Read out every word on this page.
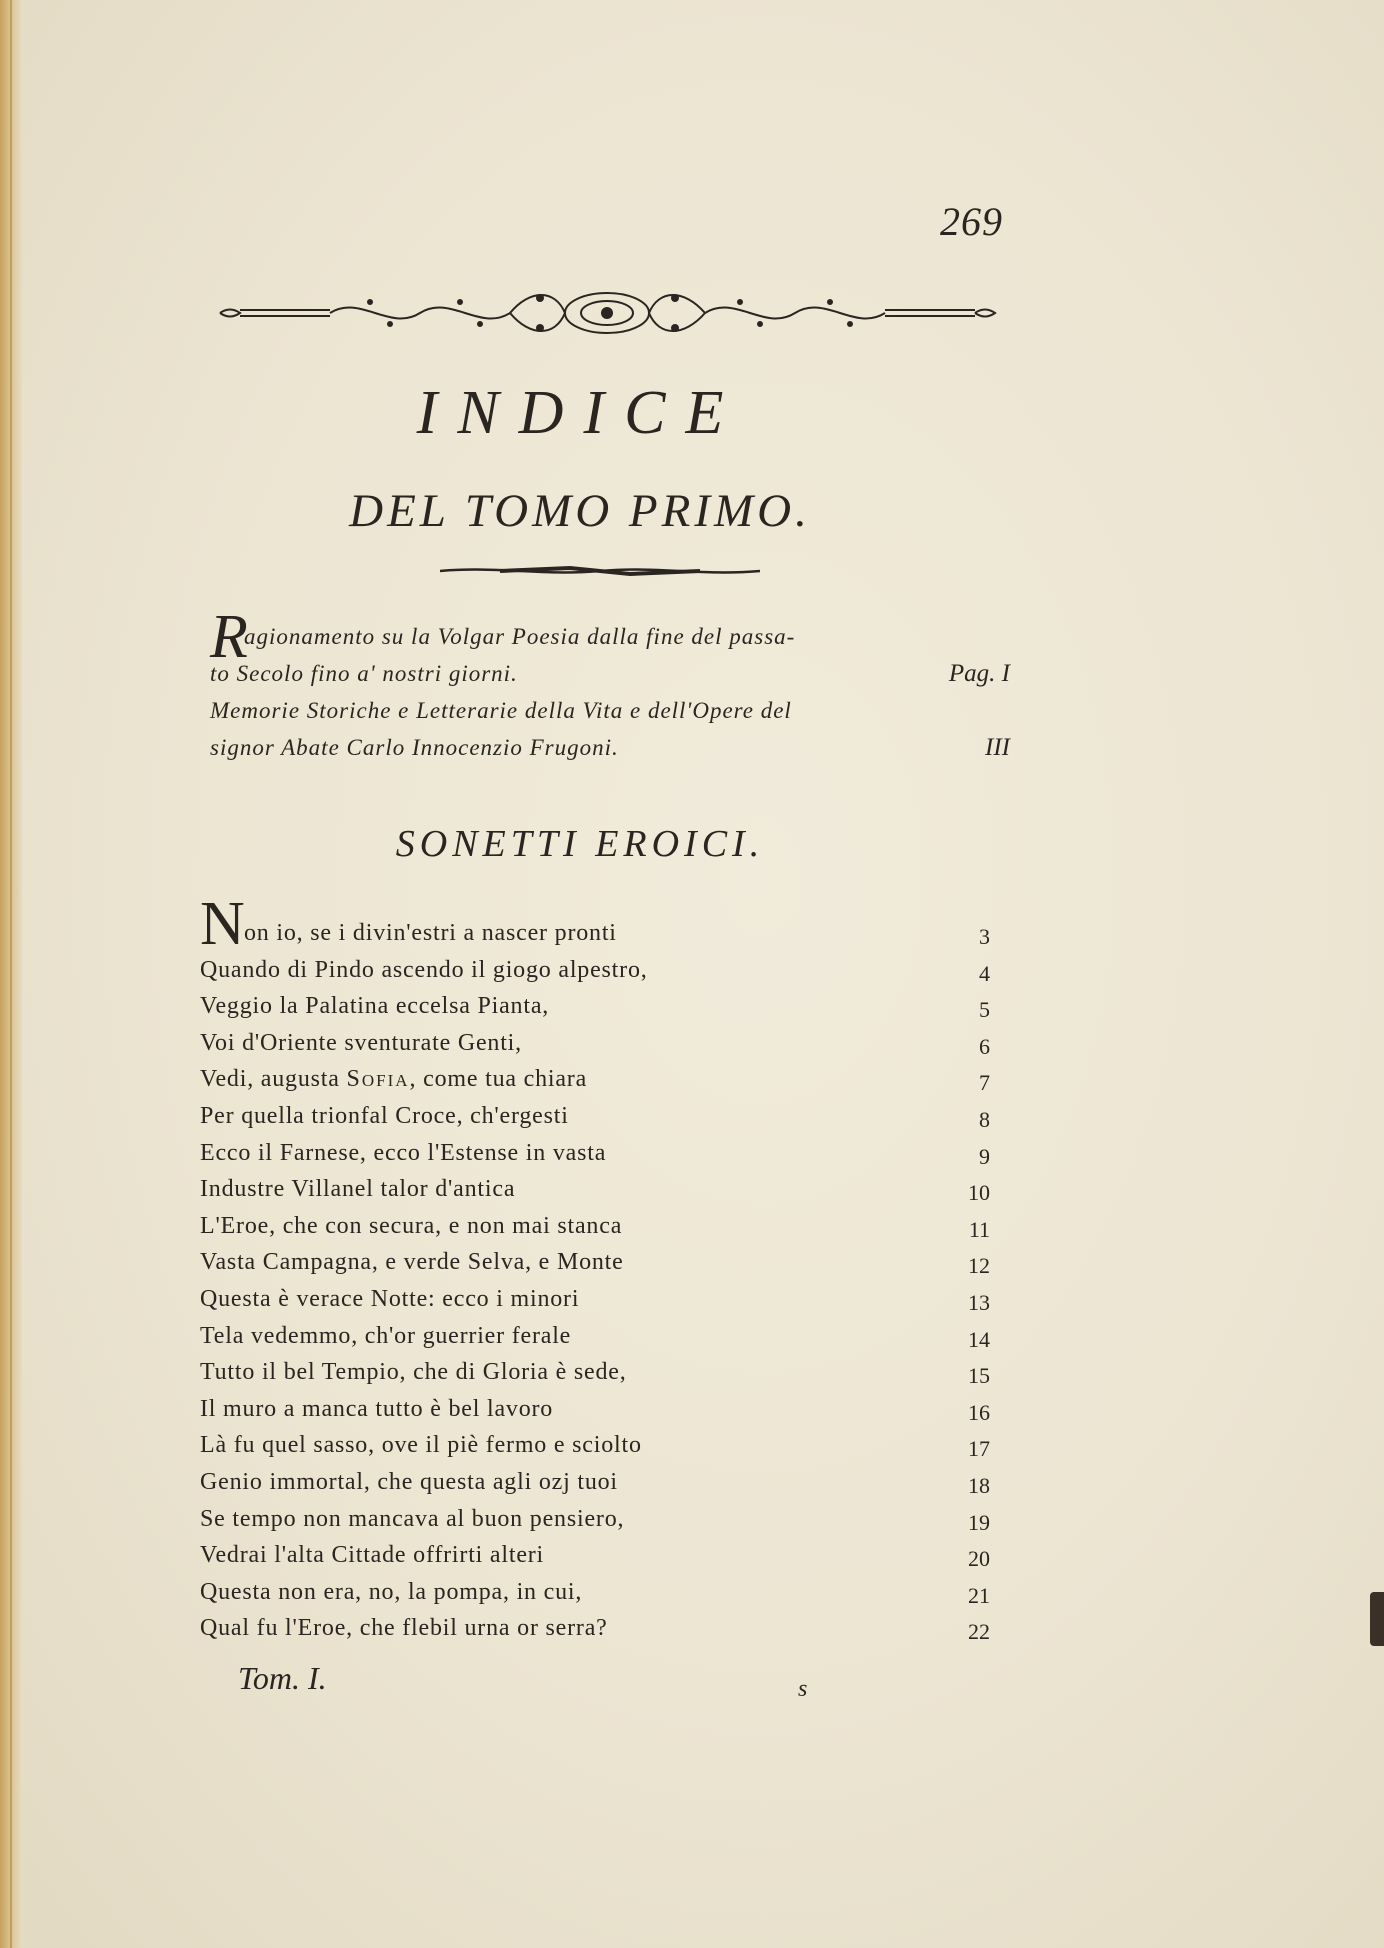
269
INDICE
DEL TOMO PRIMO.
R
agionamento su la Volgar Poesia dalla fine del passa-
to Secolo fino a' nostri giorni.	Pag. I
Memorie Storiche e Letterarie della Vita e dell'Opere del
signor Abate Carlo Innocenzio Frugoni.	III
SONETTI EROICI.
N on io, se i divin'estri a nascer pronti	3
Quando di Pindo ascendo il giogo alpestro,	4
Veggio la Palatina eccelsa Pianta,	5
Voi d'Oriente sventurate Genti,	6
Vedi, augusta Sofia, come tua chiara	7
Per quella trionfal Croce, ch'ergesti	8
Ecco il Farnese, ecco l'Estense in vasta	9
Industre Villanel talor d'antica	10
L'Eroe, che con secura, e non mai stanca	11
Vasta Campagna, e verde Selva, e Monte	12
Questa è verace Notte: ecco i minori	13
Tela vedemmo, ch'or guerrier ferale	14
Tutto il bel Tempio, che di Gloria è sede,	15
Il muro a manca tutto è bel lavoro	16
Là fu quel sasso, ove il piè fermo e sciolto	17
Genio immortal, che questa agli ozj tuoi	18
Se tempo non mancava al buon pensiero,	19
Vedrai l'alta Cittade offrirti alteri	20
Questa non era, no, la pompa, in cui,	21
Qual fu l'Eroe, che flebil urna or serra?	22
Tom. I.	s
